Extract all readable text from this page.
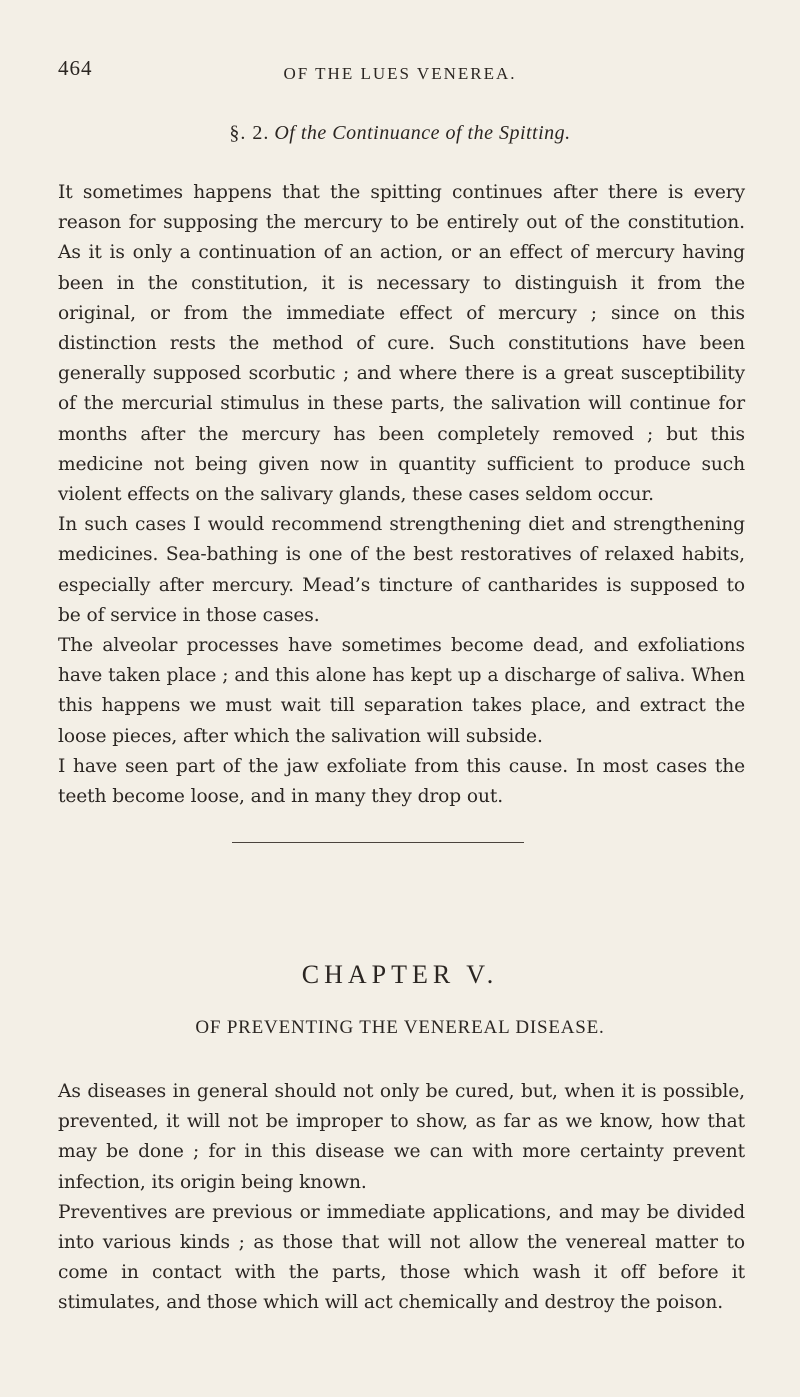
464	OF THE LUES VENEREA.
§. 2. Of the Continuance of the Spitting.

It sometimes happens that the spitting continues after there is every reason for supposing the mercury to be entirely out of the constitution. As it is only a continuation of an action, or an effect of mercury having been in the constitution, it is necessary to distinguish it from the original, or from the immediate effect of mercury ; since on this distinction rests the method of cure. Such constitutions have been generally supposed scorbutic ; and where there is a great susceptibility of the mercurial stimulus in these parts, the salivation will continue for months after the mercury has been completely removed ; but this medicine not being given now in quantity sufficient to produce such violent effects on the salivary glands, these cases seldom occur.

In such cases I would recommend strengthening diet and strengthening medicines. Sea-bathing is one of the best restoratives of relaxed habits, especially after mercury. Mead’s tincture of cantharides is supposed to be of service in those cases.

The alveolar processes have sometimes become dead, and exfoliations have taken place ; and this alone has kept up a discharge of saliva. When this happens we must wait till separation takes place, and extract the loose pieces, after which the salivation will subside.

I have seen part of the jaw exfoliate from this cause. In most cases the teeth become loose, and in many they drop out.

CHAPTER V.
OF PREVENTING THE VENEREAL DISEASE.

As diseases in general should not only be cured, but, when it is possible, prevented, it will not be improper to show, as far as we know, how that may be done ; for in this disease we can with more certainty prevent infection, its origin being known.

Preventives are previous or immediate applications, and may be divided into various kinds ; as those that will not allow the venereal matter to come in contact with the parts, those which wash it off before it stimulates, and those which will act chemically and destroy the poison.
